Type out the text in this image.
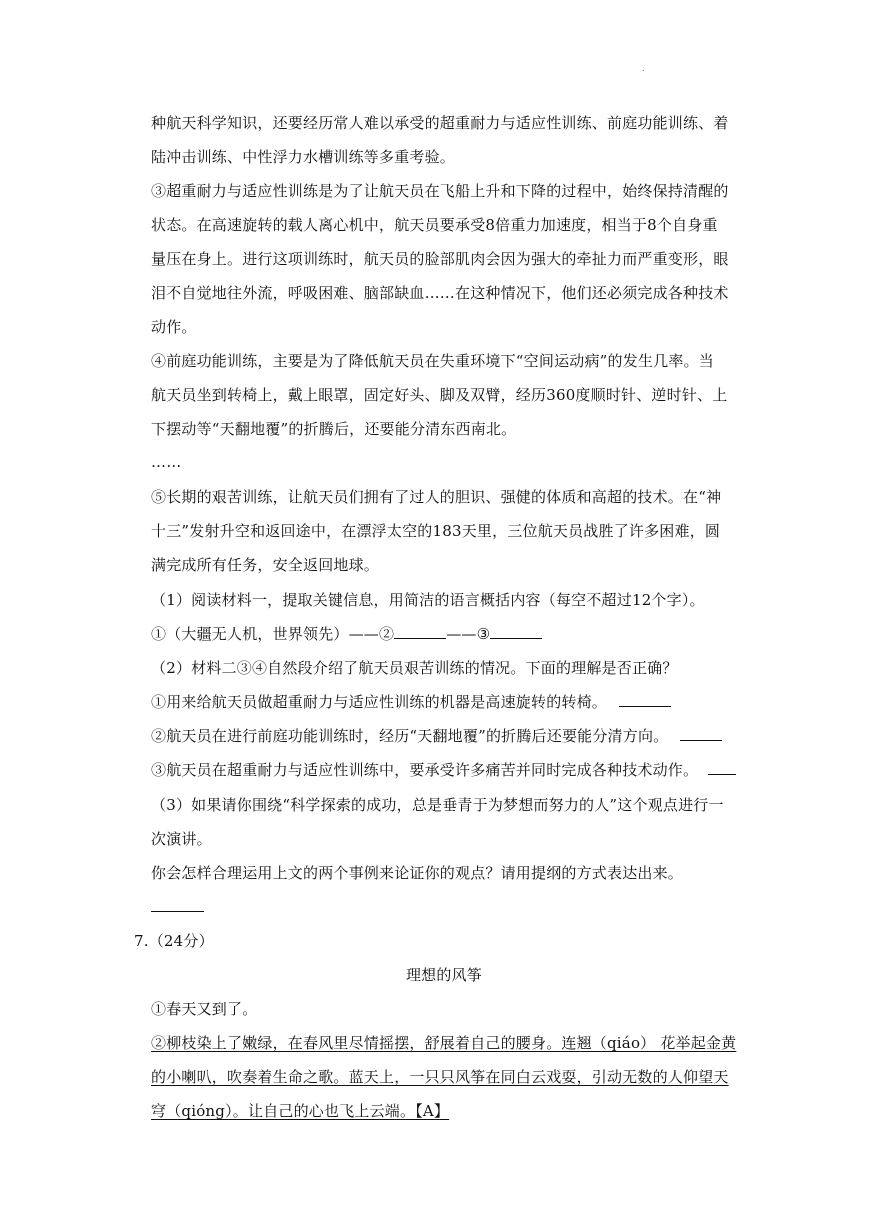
.
种航天科学知识，还要经历常人难以承受的超重耐力与适应性训练、前庭功能训练、着
陆冲击训练、中性浮力水槽训练等多重考验。
③超重耐力与适应性训练是为了让航天员在飞船上升和下降的过程中，始终保持清醒的
状态。在高速旋转的载人离心机中，航天员要承受8倍重力加速度，相当于8个自身重
量压在身上。进行这项训练时，航天员的脸部肌肉会因为强大的牵扯力而严重变形，眼
泪不自觉地往外流，呼吸困难、脑部缺血……在这种情况下，他们还必须完成各种技术
动作。
④前庭功能训练，主要是为了降低航天员在失重环境下“空间运动病”的发生几率。当
航天员坐到转椅上，戴上眼罩，固定好头、脚及双臂，经历360度顺时针、逆时针、上
下摆动等“天翻地覆”的折腾后，还要能分清东西南北。
……
⑤长期的艰苦训练，让航天员们拥有了过人的胆识、强健的体质和高超的技术。在“神
十三”发射升空和返回途中，在漂浮太空的183天里，三位航天员战胜了许多困难，圆
满完成所有任务，安全返回地球。
（1）阅读材料一，提取关键信息，用简洁的语言概括内容（每空不超过12个字）。
①（大疆无人机，世界领先）——②	——③
（2）材料二③④自然段介绍了航天员艰苦训练的情况。下面的理解是否正确？
①用来给航天员做超重耐力与适应性训练的机器是高速旋转的转椅。
②航天员在进行前庭功能训练时，经历“天翻地覆”的折腾后还要能分清方向。
③航天员在超重耐力与适应性训练中，要承受许多痛苦并同时完成各种技术动作。
（3）如果请你围绕“科学探索的成功，总是垂青于为梦想而努力的人”这个观点进行一
次演讲。
你会怎样合理运用上文的两个事例来论证你的观点？请用提纲的方式表达出来。
7.（24分）
理想的风筝
①春天又到了。
②柳枝染上了嫩绿，在春风里尽情摇摆，舒展着自己的腰身。连翘（qiáo） 花举起金黄
的小喇叭，吹奏着生命之歌。蓝天上，一只只风筝在同白云戏耍，引动无数的人仰望天
穹（qióng）。让自己的心也飞上云端。【A】
